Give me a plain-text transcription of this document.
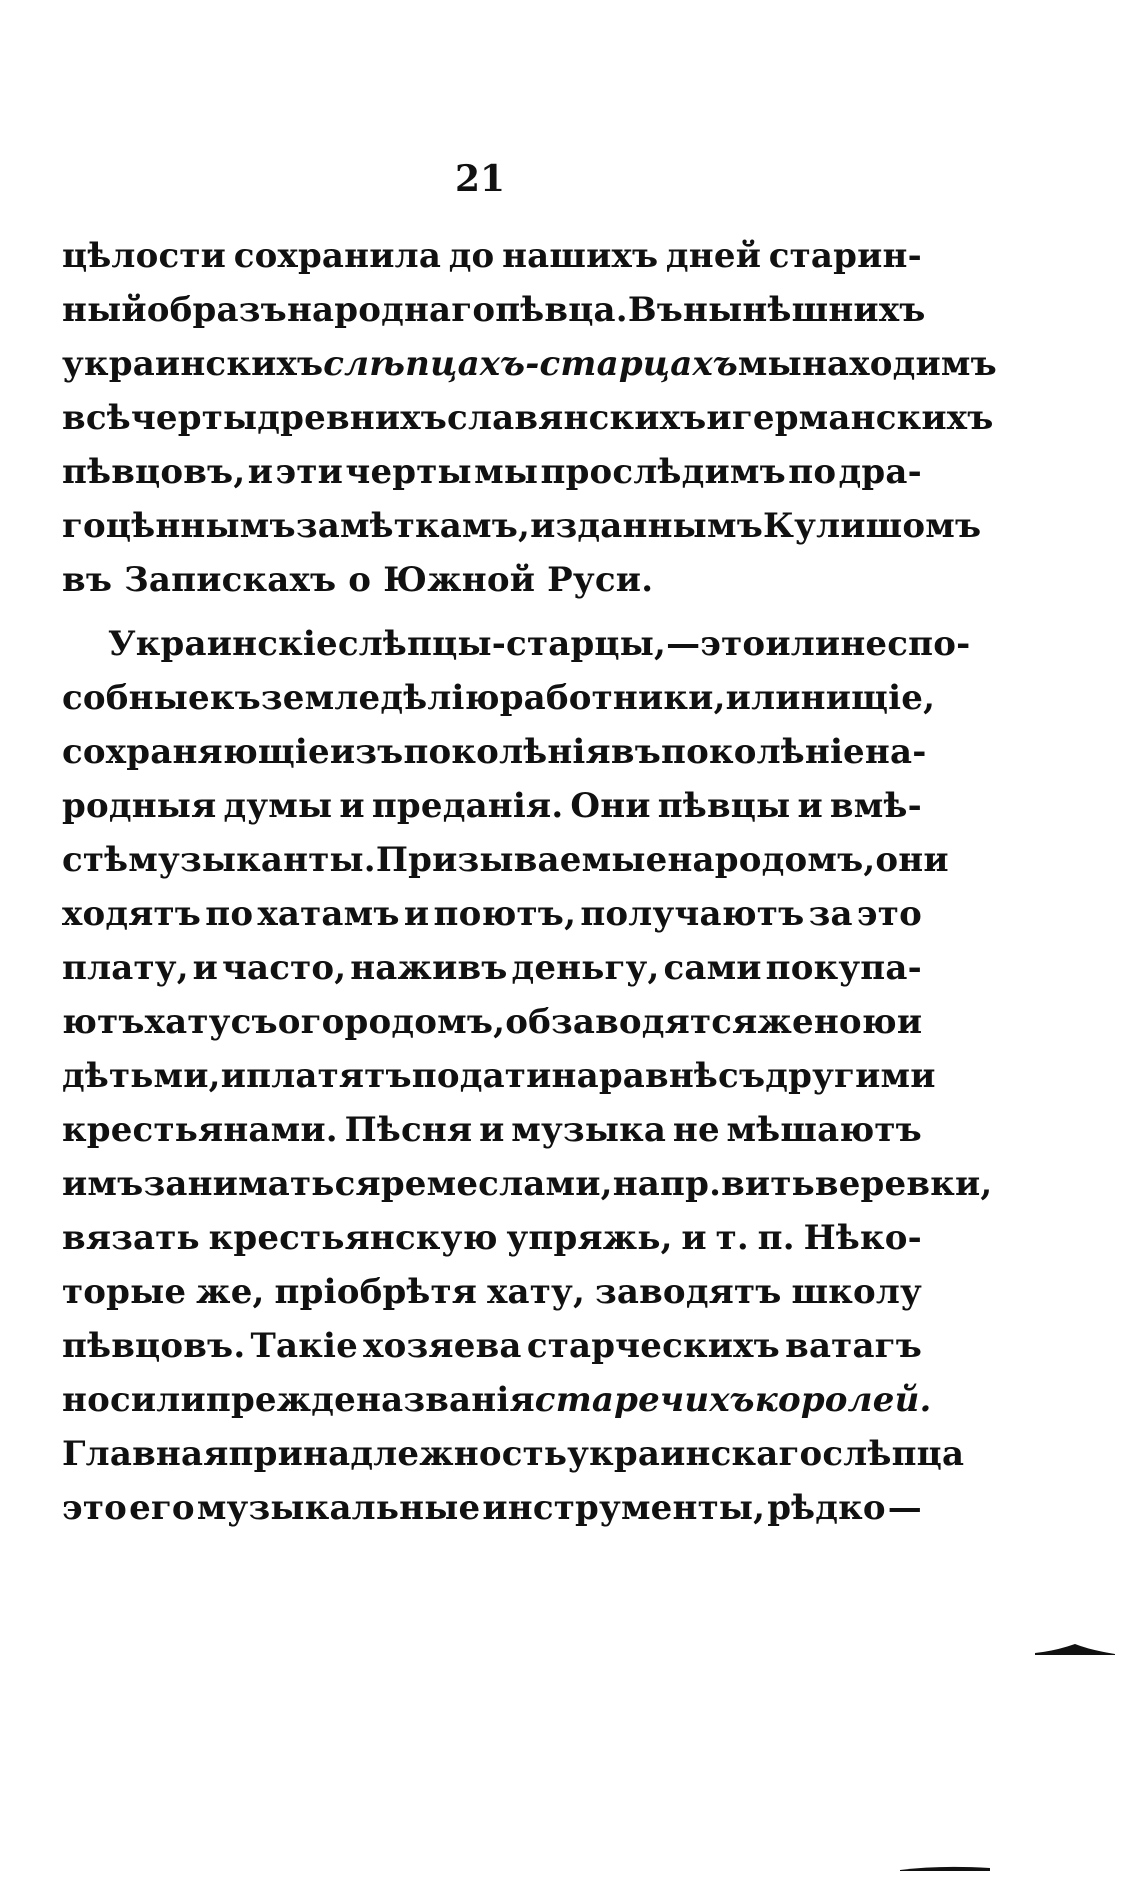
21
цѣлости сохранила до нашихъ дней старин-
ный образъ народнаго пѣвца. Въ нынѣшнихъ
украинскихъ слѣпцахъ-старцахъ мы находимъ
всѣ черты древнихъ славянскихъ и германскихъ
пѣвцовъ, и эти черты мы прослѣдимъ по дра-
гоцѣннымъ замѣткамъ, изданнымъ Кулишомъ
въ
Запискахъ
о
Южной
Руси.
Украинскіе слѣпцы-старцы, — это или неспо-
собные къ земледѣлію работники, или нищіе,
сохраняющіе изъ поколѣнія въ поколѣніе на-
родныя думы и преданія. Они пѣвцы и вмѣ-
стѣ музыканты. Призываемые народомъ, они
ходятъ по хатамъ и поютъ, получаютъ за это
плату, и часто, наживъ деньгу, сами покупа-
ютъ хату съ огородомъ, обзаводятся женою и
дѣтьми, и платятъ подати наравнѣ съ другими
крестьянами. Пѣсня и музыка не мѣшаютъ
имъ заниматься ремеслами, напр. вить веревки,
вязать крестьянскую упряжь, и т. п. Нѣко-
торые же, пріобрѣтя хату, заводятъ школу
пѣвцовъ. Такіе хозяева старческихъ ватагъ
носили прежде названія старечихъ королей.
Главная принадлежность украинскаго слѣпца
это его музыкальные инструменты, рѣдко —
